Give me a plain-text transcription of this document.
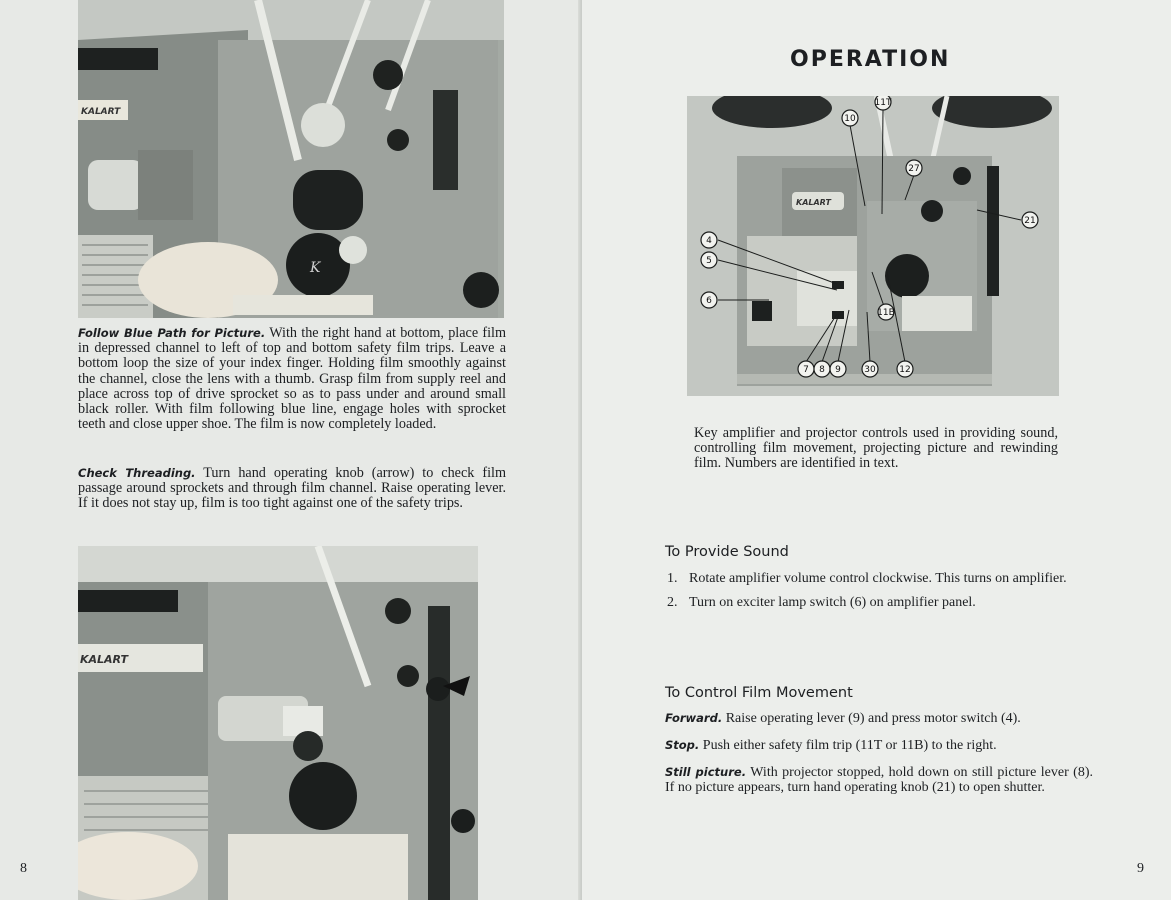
KALART
K

Follow Blue Path for Picture. With the right hand at bottom, place film in depressed channel to left of top and bottom safety film trips. Leave a bottom loop the size of your index finger. Holding film smoothly against the channel, close the lens with a thumb. Grasp film from supply reel and place across top of drive sprocket so as to pass under and around small black roller. With film following blue line, engage holes with sprocket teeth and close upper shoe. The film is now completely loaded.

Check Threading. Turn hand operating knob (arrow) to check film passage around sprockets and through film channel. Raise operating lever. If it does not stay up, film is too tight against one of the safety trips.

KALART
8	9
OPERATION
KALART
11T
10
27
21
4
5
6
11B
7 8 9	30	12

Key amplifier and projector controls used in providing sound, controlling film movement, projecting picture and rewinding film. Numbers are identified in text.

To Provide Sound
1. Rotate amplifier volume control clockwise. This turns on amplifier.
2. Turn on exciter lamp switch (6) on amplifier panel.
To Control Film Movement

Forward. Raise operating lever (9) and press motor switch (4).

Stop. Push either safety film trip (11T or 11B) to the right.

Still picture. With projector stopped, hold down on still picture lever (8). If no picture appears, turn hand operating knob (21) to open shutter.
